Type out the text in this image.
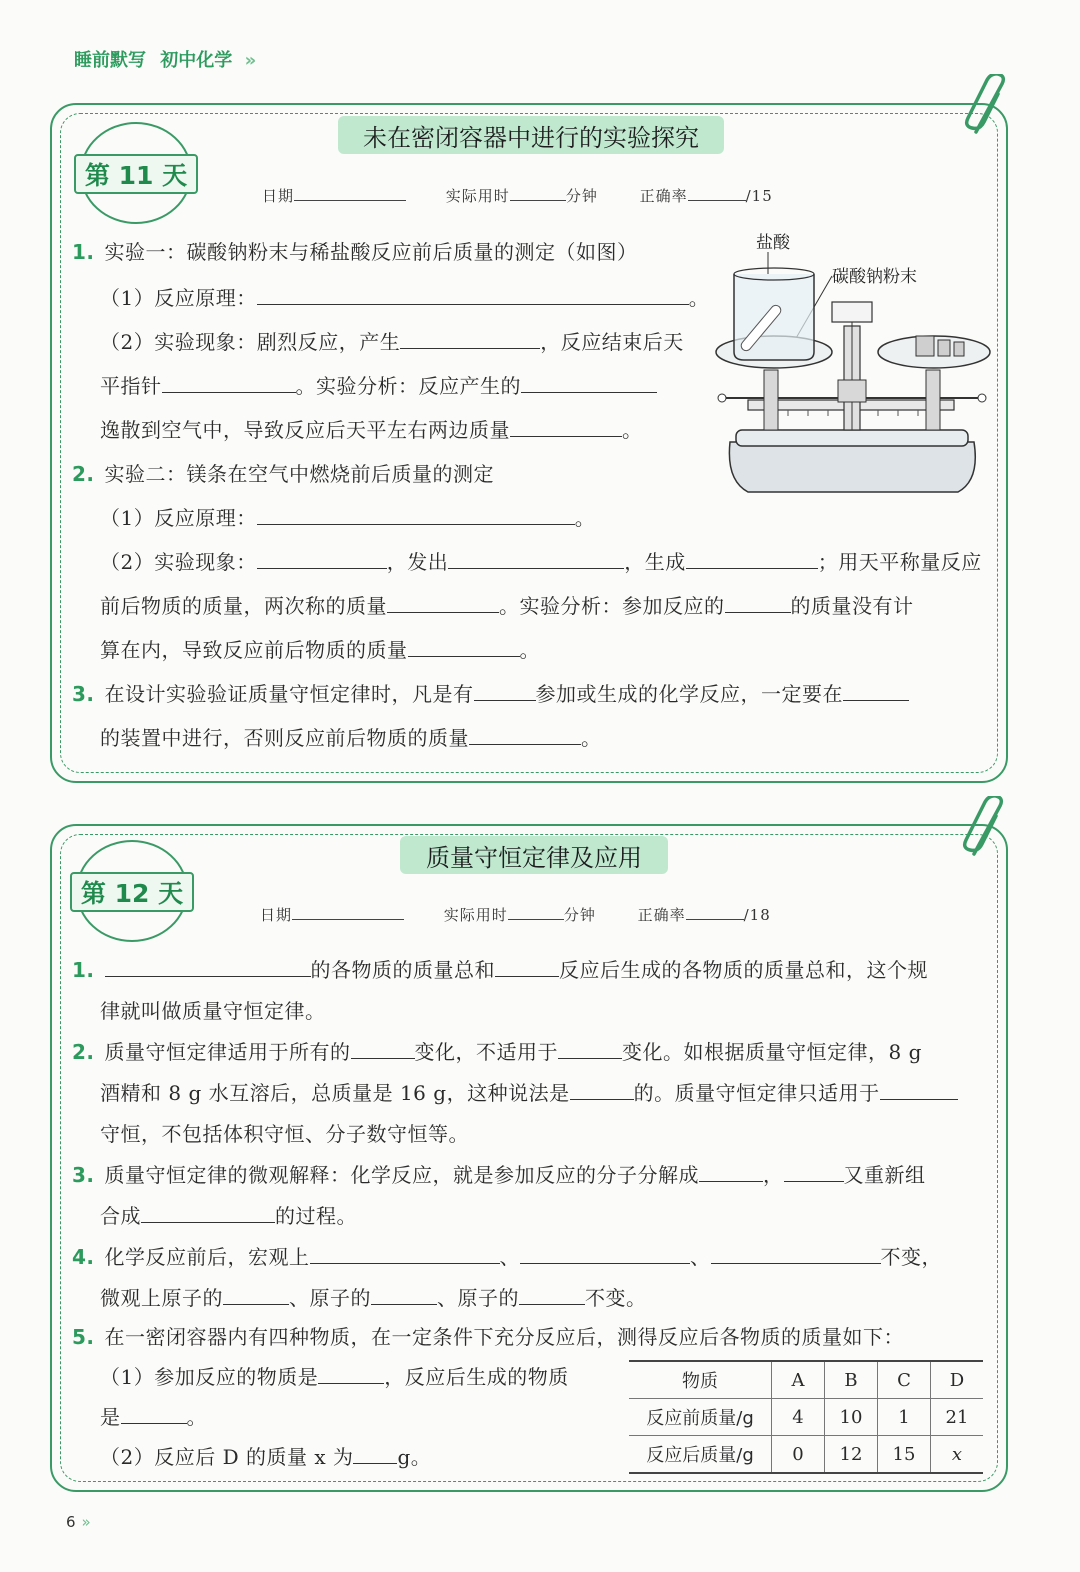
睡前默写 初中化学 »
第 11 天
未在密闭容器中进行的实验探究
日期	实际用时	分钟	正确率	/15
1. 实验一：碳酸钠粉末与稀盐酸反应前后质量的测定（如图）
（1）反应原理：	。
（2）实验现象：剧烈反应，产生	，反应结束后天
平指针	。实验分析：反应产生的
逸散到空气中，导致反应后天平左右两边质量	。
2. 实验二：镁条在空气中燃烧前后质量的测定
（1）反应原理：	。
（2）实验现象：	，发出	，生成	；用天平称量反应
前后物质的质量，两次称的质量	。实验分析：参加反应的	的质量没有计
算在内，导致反应前后物质的质量	。
3. 在设计实验验证质量守恒定律时，凡是有	参加或生成的化学反应，一定要在
的装置中进行，否则反应前后物质的质量	。
盐酸
碳酸钠粉末
第 12 天
质量守恒定律及应用
日期	实际用时	分钟	正确率	/18
1.	的各物质的质量总和	反应后生成的各物质的质量总和，这个规
律就叫做质量守恒定律。
2. 质量守恒定律适用于所有的	变化，不适用于	变化。如根据质量守恒定律，8 g
酒精和 8 g 水互溶后，总质量是 16 g，这种说法是	的。质量守恒定律只适用于
守恒，不包括体积守恒、分子数守恒等。
3. 质量守恒定律的微观解释：化学反应，就是参加反应的分子分解成	，	又重新组
合成	的过程。
4. 化学反应前后，宏观上	、	、	不变，
微观上原子的	、原子的	、原子的	不变。
5. 在一密闭容器内有四种物质，在一定条件下充分反应后，测得反应后各物质的质量如下：
（1）参加反应的物质是	，反应后生成的物质
是	。
（2）反应后 D 的质量 x 为 g。
物质	A	B	C	D
反应前质量/g	4	10	1	21
反应后质量/g	0	12	15	x
6 »
